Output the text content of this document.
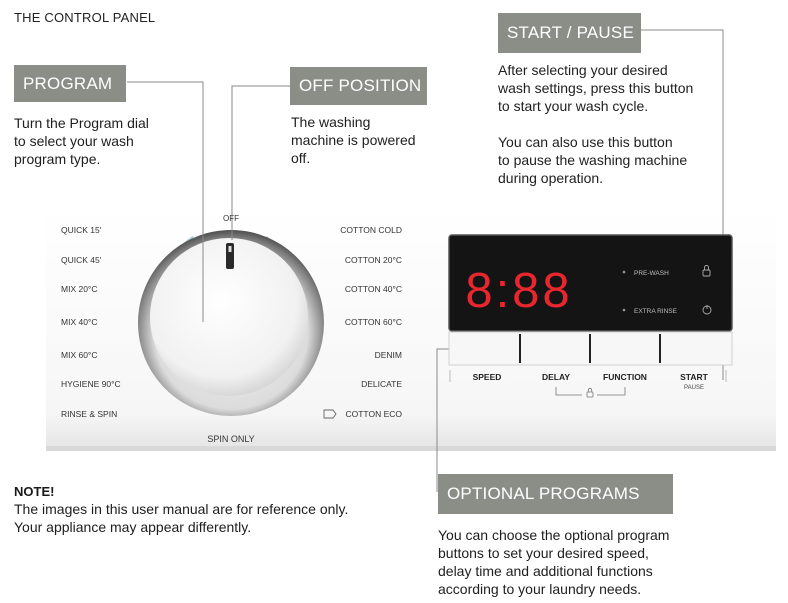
THE CONTROL PANEL
PROGRAM
Turn the Program dial
to select your wash
program type.
OFF POSITION
The washing
machine is powered
off.
START / PAUSE
After selecting your desired
wash settings, press this button
to start your wash cycle.

You can also use this button
to pause the washing machine
during operation.
OFF
SPIN ONLY
QUICK 15'
QUICK 45'
MIX 20°C
MIX 40°C
MIX 60°C
HYGIENE 90°C
RINSE & SPIN
COTTON COLD
COTTON 20°C
COTTON 40°C
COTTON 60°C
DENIM
DELICATE
COTTON ECO
8:88	PRE-WASH
EXTRA RINSE
SPEED	DELAY	FUNCTION	START
PAUSE
NOTE!
The images in this user manual are for reference only.
Your appliance may appear differently.
OPTIONAL PROGRAMS
You can choose the optional program
buttons to set your desired speed,
delay time and additional functions
according to your laundry needs.
